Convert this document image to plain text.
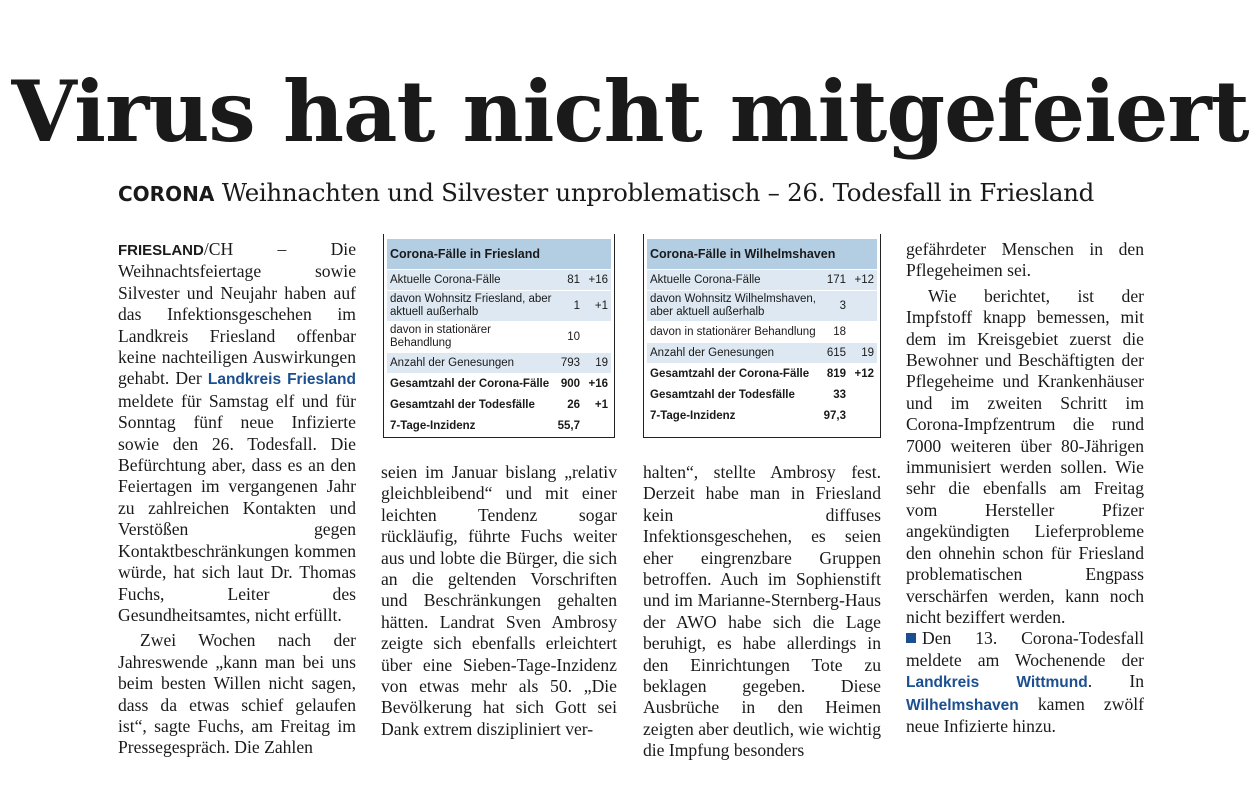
Virus hat nicht mitgefeiert
CORONA Weihnachten und Silvester unproblematisch – 26. Todesfall in Friesland

FRIESLAND/CH – Die Weihnachtsfeiertage sowie Silvester und Neujahr haben auf das Infektionsgeschehen im Landkreis Friesland offenbar keine nachteiligen Auswirkungen gehabt. Der Landkreis Friesland meldete für Samstag elf und für Sonntag fünf neue Infizierte sowie den 26. Todesfall. Die Befürchtung aber, dass es an den Feiertagen im vergangenen Jahr zu zahlreichen Kontakten und Verstößen gegen Kontaktbeschränkungen kommen würde, hat sich laut Dr. Thomas Fuchs, Leiter des Gesundheitsamtes, nicht erfüllt.

Zwei Wochen nach der Jahreswende „kann man bei uns beim besten Willen nicht sagen, dass da etwas schief gelaufen ist“, sagte Fuchs, am Freitag im Pressegespräch. Die Zahlen

Corona-Fälle in Friesland		
Aktuelle Corona-Fälle	81	+16
davon Wohnsitz Friesland, aber aktuell außerhalb	1	+1
davon in stationärer Behandlung	10	
Anzahl der Genesungen	793	19
Gesamtzahl der Corona-Fälle	900	+16
Gesamtzahl der Todesfälle	26	+1
7-Tage-Inzidenz	55,7	
Corona-Fälle in Wilhelmshaven		
Aktuelle Corona-Fälle	171	+12
davon Wohnsitz Wilhelmshaven, aber aktuell außerhalb	3	
davon in stationärer Behandlung	18	
Anzahl der Genesungen	615	19
Gesamtzahl der Corona-Fälle	819	+12
Gesamtzahl der Todesfälle	33	
7-Tage-Inzidenz	97,3	

seien im Januar bislang „relativ gleichbleibend“ und mit einer leichten Tendenz sogar rückläufig, führte Fuchs weiter aus und lobte die Bürger, die sich an die geltenden Vorschriften und Beschränkungen gehalten hätten. Landrat Sven Ambrosy zeigte sich ebenfalls erleichtert über eine Sieben-Tage-Inzidenz von etwas mehr als 50. „Die Bevölkerung hat sich Gott sei Dank extrem diszipliniert ver-

halten“, stellte Ambrosy fest. Derzeit habe man in Friesland kein diffuses Infektionsgeschehen, es seien eher eingrenzbare Gruppen betroffen. Auch im Sophienstift und im Marianne-Sternberg-Haus der AWO habe sich die Lage beruhigt, es habe allerdings in den Einrichtungen Tote zu beklagen gegeben. Diese Ausbrüche in den Heimen zeigten aber deutlich, wie wichtig die Impfung besonders

gefährdeter Menschen in den Pflegeheimen sei.

Wie berichtet, ist der Impfstoff knapp bemessen, mit dem im Kreisgebiet zuerst die Bewohner und Beschäftigten der Pflegeheime und Krankenhäuser und im zweiten Schritt im Corona-Impfzentrum die rund 7000 weiteren über 80-Jährigen immunisiert werden sollen. Wie sehr die ebenfalls am Freitag vom Hersteller Pfizer angekündigten Lieferprobleme den ohnehin schon für Friesland problematischen Engpass verschärfen werden, kann noch nicht beziffert werden.

Den 13. Corona-Todesfall meldete am Wochenende der Landkreis Wittmund. In Wilhelmshaven kamen zwölf neue Infizierte hinzu.
